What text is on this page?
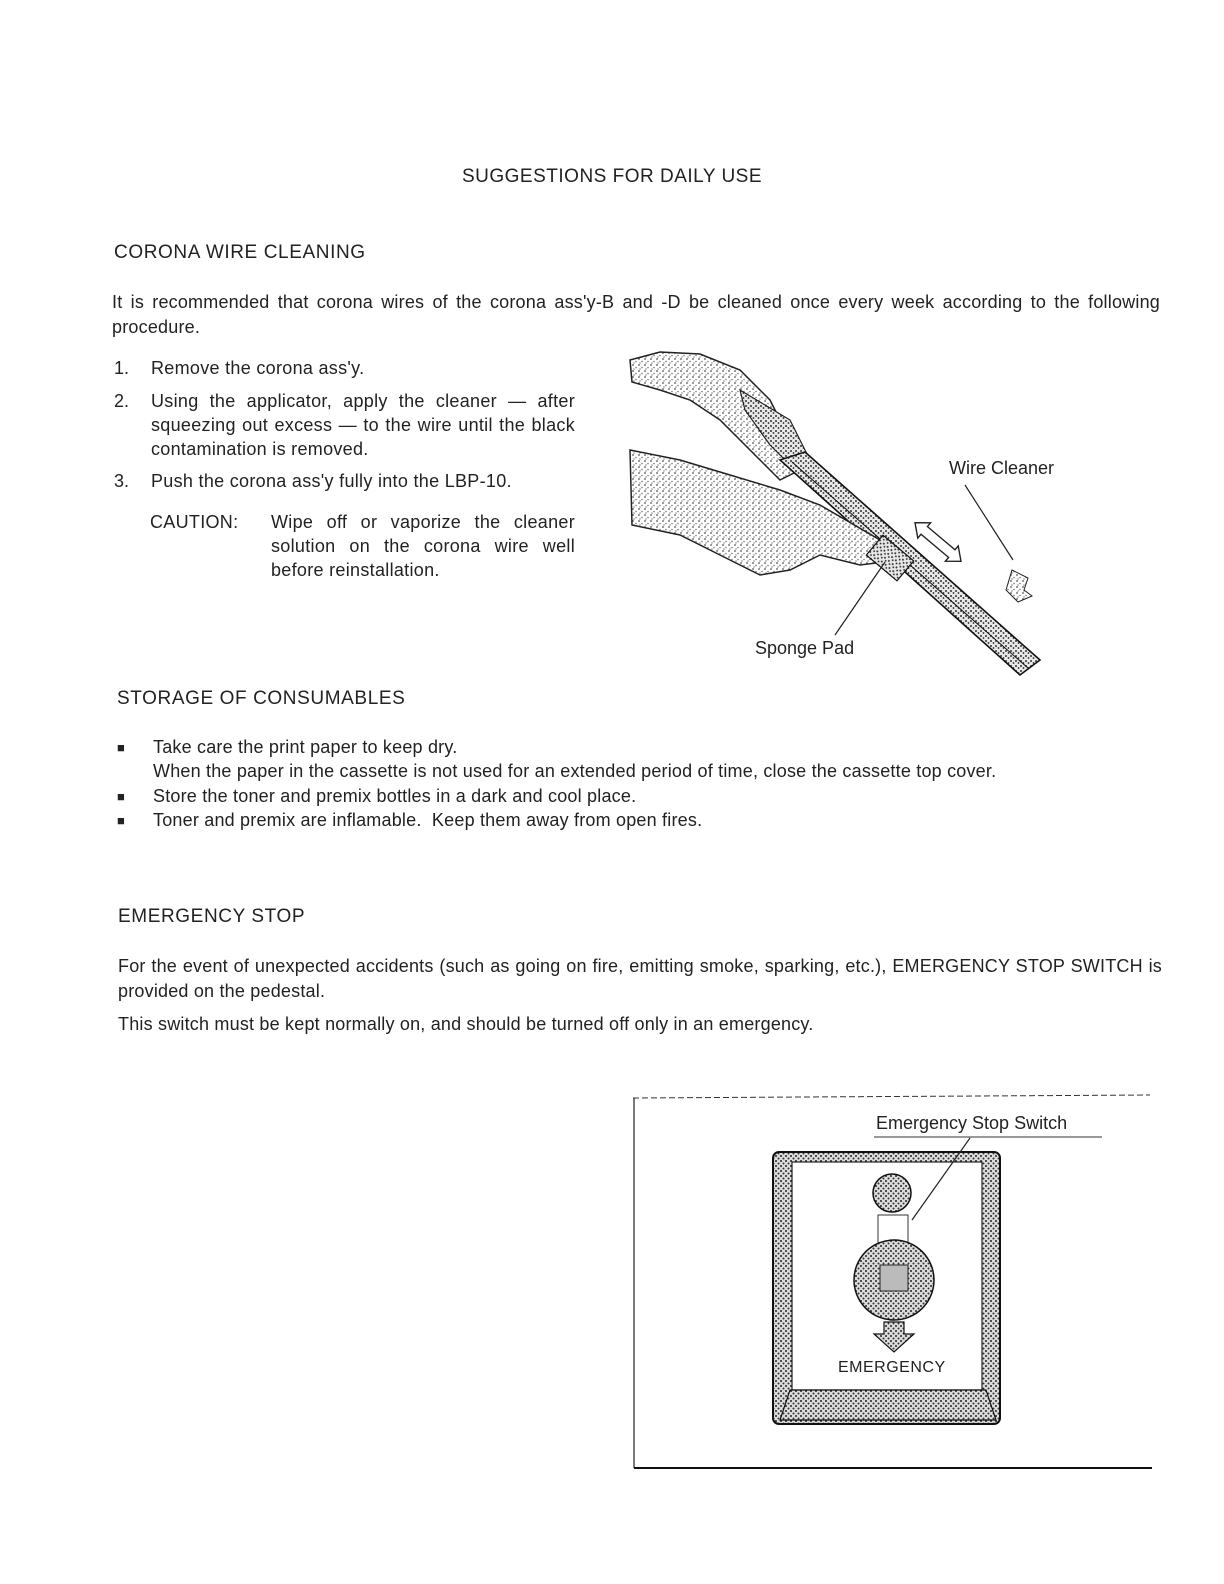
SUGGESTIONS FOR DAILY USE
CORONA WIRE CLEANING
It is recommended that corona wires of the corona ass'y-B and -D be cleaned once every week according to the following procedure.
1. Remove the corona ass'y.
2. Using the applicator, apply the cleaner — after squeezing out excess — to the wire until the black contamination is removed.
3. Push the corona ass'y fully into the LBP-10.
CAUTION: Wipe off or vaporize the cleaner solution on the corona wire well before reinstallation.
Wire Cleaner
Sponge Pad
STORAGE OF CONSUMABLES
■ Take care the print paper to keep dry.
When the paper in the cassette is not used for an extended period of time, close the cassette top cover.
■ Store the toner and premix bottles in a dark and cool place.
■ Toner and premix are inflamable.  Keep them away from open fires.
EMERGENCY STOP
For the event of unexpected accidents (such as going on fire, emitting smoke, sparking, etc.), EMERGENCY STOP SWITCH is provided on the pedestal.
This switch must be kept normally on, and should be turned off only in an emergency.
Emergency Stop Switch
EMERGENCY
